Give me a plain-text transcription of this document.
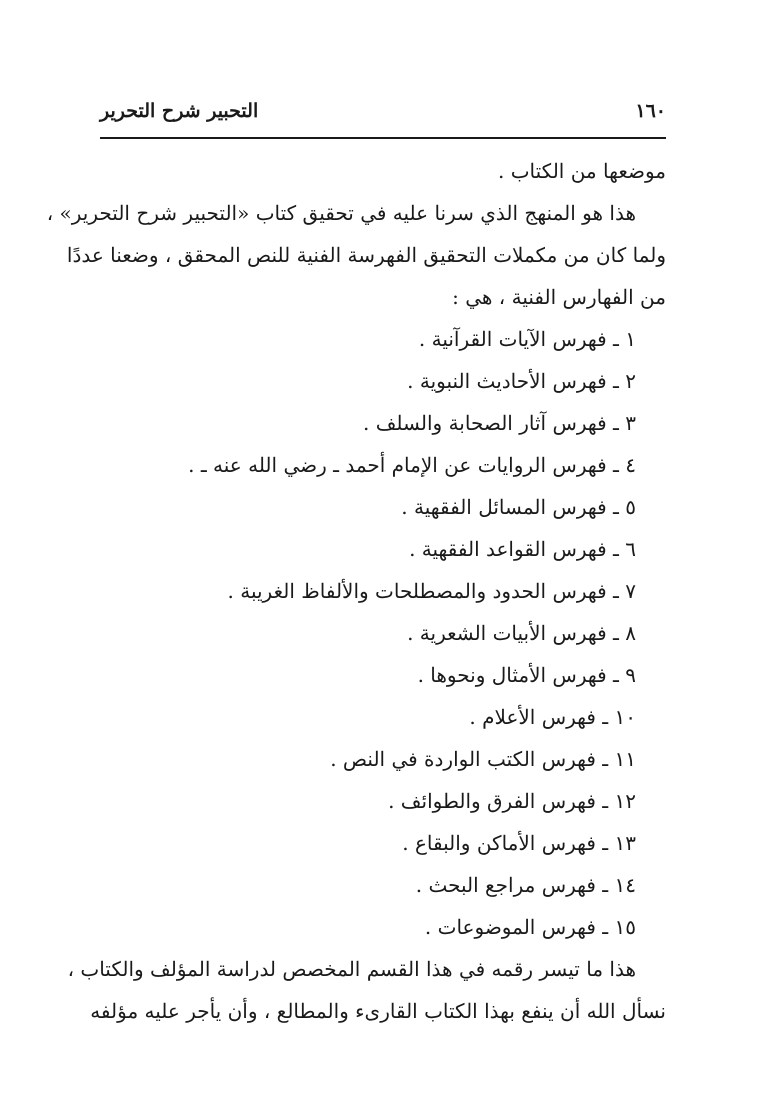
١٦٠
التحبير شرح التحرير
موضعها من الكتاب .
هذا هو المنهج الذي سرنا عليه في تحقيق كتاب «التحبير شرح التحرير» ،
ولما كان من مكملات التحقيق الفهرسة الفنية للنص المحقق ، وضعنا عددًا
من الفهارس الفنية ، هي :
١ ـ فهرس الآيات القرآنية .
٢ ـ فهرس الأحاديث النبوية .
٣ ـ فهرس آثار الصحابة والسلف .
٤ ـ فهرس الروايات عن الإمام أحمد ـ رضي الله عنه ـ .
٥ ـ فهرس المسائل الفقهية .
٦ ـ فهرس القواعد الفقهية .
٧ ـ فهرس الحدود والمصطلحات والألفاظ الغريبة .
٨ ـ فهرس الأبيات الشعرية .
٩ ـ فهرس الأمثال ونحوها .
١٠ ـ فهرس الأعلام .
١١ ـ فهرس الكتب الواردة في النص .
١٢ ـ فهرس الفرق والطوائف .
١٣ ـ فهرس الأماكن والبقاع .
١٤ ـ فهرس مراجع البحث .
١٥ ـ فهرس الموضوعات .
هذا ما تيسر رقمه في هذا القسم المخصص لدراسة المؤلف والكتاب ،
نسأل الله أن ينفع بهذا الكتاب القارىء والمطالع ، وأن يأجر عليه مؤلفه
